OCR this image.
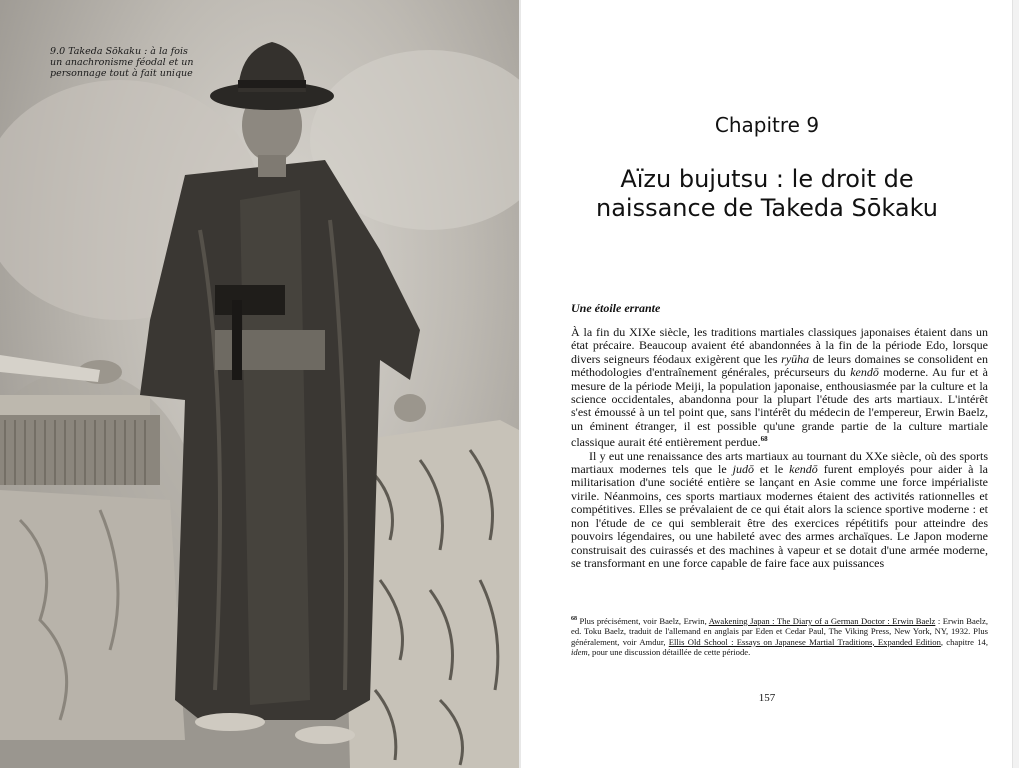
9.0 Takeda Sōkaku : à la fois un anachronisme féodal et un personnage tout à fait unique
Chapitre 9
Aïzu bujutsu : le droit de naissance de Takeda Sōkaku
Une étoile errante

À la fin du XIXe siècle, les traditions martiales classiques japonaises étaient dans un état précaire. Beaucoup avaient été abandonnées à la fin de la période Edo, lorsque divers seigneurs féodaux exigèrent que les ryūha de leurs domaines se consolident en méthodologies d'entraînement générales, précurseurs du kendō moderne. Au fur et à mesure de la période Meiji, la population japonaise, enthousiasmée par la culture et la science occidentales, abandonna pour la plupart l'étude des arts martiaux. L'intérêt s'est émoussé à un tel point que, sans l'intérêt du médecin de l'empereur, Erwin Baelz, un éminent étranger, il est possible qu'une grande partie de la culture martiale classique aurait été entièrement perdue.$^{68}$

Il y eut une renaissance des arts martiaux au tournant du XXe siècle, où des sports martiaux modernes tels que le judō et le kendō furent employés pour aider à la militarisation d'une société entière se lançant en Asie comme une force impérialiste virile. Néanmoins, ces sports martiaux modernes étaient des activités rationnelles et compétitives. Elles se prévalaient de ce qui était alors la science sportive moderne : et non l'étude de ce qui semblerait être des exercices répétitifs pour atteindre des pouvoirs légendaires, ou une habileté avec des armes archaïques. Le Japon moderne construisait des cuirassés et des machines à vapeur et se dotait d'une armée moderne, se transformant en une force capable de faire face aux puissances

$^{68}$ Plus précisément, voir Baelz, Erwin, Awakening Japan : The Diary of a German Doctor : Erwin Baelz : Erwin Baelz, ed. Toku Baelz, traduit de l'allemand en anglais par Eden et Cedar Paul, The Viking Press, New York, NY, 1932. Plus généralement, voir Amdur, Ellis Old School : Essays on Japanese Martial Traditions, Expanded Edition, chapitre 14, idem, pour une discussion détaillée de cette période.
157
